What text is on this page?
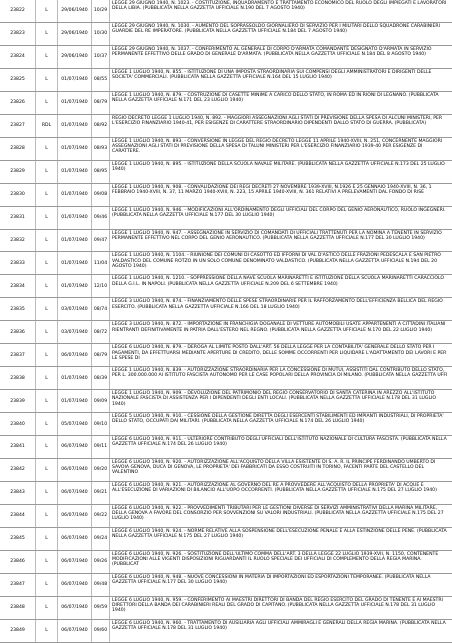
23822	L	29/06/1940	10/29
LEGGE 29 GIUGNO 1940, N. 1023. - COSTITUZIONE, INQUADRAMENTO E TRATTAMENTO ECONOMICO DEL RUOLO DEGLI IMPIEGATI E LAVORATORI DELLA LIBIA. (PUBBLICATA NELLA GAZZETTA UFFICIALE N.190 DEL 7 AGOSTO 1940)
23823	L	29/06/1940	10/30
LEGGE 29 GIUGNO 1940, N. 1030. - AUMENTO DEL SOPRASSOLDO GIORNALIERO DI SERVIZIO PER I MILITARI DELLO SQUADRONE CARABINIERI GUARDIE DEL RE IMPERATORE. (PUBBLICATA NELLA GAZZETTA UFFICIALE N.184 DEL 7 AGOSTO 1940)
23824	L	29/06/1940	10/37
LEGGE 29 GIUGNO 1940, N. 1037. - CONFERIMENTO AL GENERALE DI CORPO D'ARMATA COMANDANTE DESIGNATO D'ARMATA IN SERVIZIO PERMANENTE EFFETTIVO DELLE GRADO DI GENERALE D'ARMATA. (PUBBLICATA NELLA GAZZETTA UFFICIALE N.184 DEL 8 AGOSTO 1940)
23825	L	01/07/1940	08/55
LEGGE 1 LUGLIO 1940, N. 855. - ISTITUZIONE DI UNA IMPOSTA STRAORDINARIA SUI COMPENSI DEGLI AMMINISTRATORI E DIRIGENTI DELLE SOCIETA' COMMERCIALI. (PUBBLICATA NELLA GAZZETTA UFFICIALE N.164 DEL 15 LUGLIO 1940)
23826	L	01/07/1940	08/79
LEGGE 1 LUGLIO 1940, N. 879. - COSTRUZIONE DI CASETTE MINIME A CARICO DELLO STATO, IN ROMA ED IN RIONI DI LEGNANO. (PUBBLICATA NELLA GAZZETTA UFFICIALE N.171 DEL 23 LUGLIO 1940)
23827	RDL	01/07/1940	08/92
REGIO DECRETO LEGGE 1 LUGLIO 1940, N. 892. - MAGGIORI ASSEGNAZIONI AGLI STATI DI PREVISIONE DELLA SPESA DI ALCUNI MINISTERI, PER L'ESERCIZIO FINANZIARIO 1940-41, PER ESIGENZE DI CARATTERE STRAORDINARIO DIPENDENTI DALLO STATO DI GUERRA. (PUBBLICATA)
23828	L	01/07/1940	08/93
LEGGE 1 LUGLIO 1940, N. 893. - CONVERSIONE IN LEGGE DEL REGIO DECRETO LEGGE 11 APRILE 1940-XVIII, N. 251, CONCERNENTE MAGGIORI ASSEGNAZIONI AGLI STATI DI PREVISIONE DELLA SPESA DI TALUNI MINISTERI PER L'ESERCIZIO FINANZIARIO 1939-40 PER ESIGENZE DI CARATTERE.
23829	L	01/07/1940	08/95
LEGGE 1 LUGLIO 1940, N. 895. - ISTITUZIONE DELLA SCUOLA NAVALE MILITARE. (PUBBLICATA NELLA GAZZETTA UFFICIALE N.173 DEL 25 LUGLIO 1940)
23830	L	01/07/1940	09/08
LEGGE 1 LUGLIO 1940, N. 908. - CONVALIDAZIONE DEI REGI DECRETI 27 NOVEMBRE 1939-XVIII, N.1926 E 25 GENNAIO 1940-XVIII, N. 36, 1 FEBBRAIO 1940-XVIII, N. 37, 11 MARZO 1940-XVIII, N. 223, 15 APRILE 1940-XVIII, N. 361 RELATIVI A PRELEVAMENTI DAL FONDO DI RISE
23831	L	01/07/1940	09/46
LEGGE 1 LUGLIO 1940, N. 946. - MODIFICAZIONI ALL'ORDINAMENTO DEGLI UFFICIALI DEL CORPO DEL GENIO AERONAUTICO, RUOLO INGEGNERI. (PUBBLICATA NELLA GAZZETTA UFFICIALE N.177 DEL 30 LUGLIO 1940)
23832	L	01/07/1940	09/47
LEGGE 1 LUGLIO 1940, N. 947. - ASSEGNAZIONE IN SERVIZIO DI COMANDATI DI UFFICIALI TRATTENUTI PER LA NOMINA A TENENTE IN SERVIZIO PERMANENTE EFFETTIVO NEL CORPO DEL GENIO AERONAUTICO. (PUBBLICATA NELLA GAZZETTA UFFICIALE N.177 DEL 30 LUGLIO 1940)
23833	L	01/07/1940	11/04
LEGGE 1 LUGLIO 1940, N. 1104. - RIUNIONE DEI COMUNI DI CASOTTO ED IFFORNI DI VAL D'ASTICO DELLE FRAZIONI PEDESCALA E SAN PIETRO VALDASTICO DEL COMUNE ROTZO IN UN SOLO COMUNE DENOMINATO VALDASTICO. (PUBBLICATA NELLA GAZZETTA UFFICIALE N.194 DEL 20 AGOSTO 1940)
23834	L	01/07/1940	12/10
LEGGE 1 LUGLIO 1940, N. 1210. - SOPPRESSIONE DELLA NAVE SCUOLA MARINARETTI E ISTITUZIONE DELLA SCUOLA MARINARETTI CARACCIOLO DELLA G.I.L. IN NAPOLI. (PUBBLICATA NELLA GAZZETTA UFFICIALE N.209 DEL 6 SETTEMBRE 1940)
23835	L	03/07/1940	08/74
LEGGE 3 LUGLIO 1940, N. 874. - FINANZIAMENTO DELLE SPESE STRAORDINARIE PER IL RAFFORZAMENTO DELL'EFFICIENZA BELLICA DEL REGIO ESERCITO. (PUBBLICATA NELLA GAZZETTA UFFICIALE N.166 DEL 18 LUGLIO 1940)
23836	L	03/07/1940	08/72
LEGGE 3 LUGLIO 1940, N. 872. - IMPORTAZIONE IN FRANCHIGIA DOGANALE DI VETTURE AUTOMOBILI USATE APPARTENENTI A CITTADINI ITALIANI RIENTRANTI DEFINITIVAMENTE IN PATRIA DALL'ESTERO NEL REGNO. (PUBBLICATA NELLA GAZZETTA UFFICIALE N.170 DEL 22 LUGLIO 1940)
23837	L	06/07/1940	08/79
LEGGE 6 LUGLIO 1940, N. 879. - DEROGA AL LIMITE POSTO DALL'ART. 56 DELLA LEGGE PER LA CONTABILITA' GENERALE DELLO STATO PER I PAGAMENTI, DA EFFETTUARSI MEDIANTE APERTURE DI CREDITO, DELLE SOMME OCCORRENTI PER LIQUIDARE L'ADATTAMENTO DEI LAVORI E PER LE SPESE DI
23838	L	01/07/1940	08/39
LEGGE 1 LUGLIO 1940, N. 839. - AUTORIZZAZIONE STRAORDINARIA PER LA CONCESSIONE DI MUTUI, ASSISTITI DAL CONTRIBUTO DELLO STATO, PER L. 300.000.000 AI ISTITUTO FASCISTA AUTONOMO PER LE CASE POPOLARI DELLA PROVINCIA DI MILANO. (PUBBLICATA NELLA GAZZETTA UFFI
23839	L	01/07/1940	09/09
LEGGE 1 LUGLIO 1940, N. 909. - DEVOLUZIONE DEL PATRIMONIO DEL REGIO CONSERVATORIO DI SANTA CATERINA IN AREZZO ALL'ISTITUTO NAZIONALE FASCISTA DI ASSISTENZA PER I DIPENDENTI DEGLI ENTI LOCALI. (PUBBLICATA NELLA GAZZETTA UFFICIALE N.178 DEL 31 LUGLIO 1940)
23840	L	05/07/1940	09/10
LEGGE 5 LUGLIO 1940, N. 910. - CESSIONE DELLA GESTIONE DIRETTA DEGLI ESERCENTI STABILIMENTI ED IMPIANTI INDUSTRIALI, DI PROPRIETA' DELLO STATO, OCCUPATI DAI MILITARI. (PUBBLICATA NELLA GAZZETTA UFFICIALE N.174 DEL 26 LUGLIO 1940)
23841	L	06/07/1940	09/11
LEGGE 6 LUGLIO 1940, N. 911. - ULTERIORE CONTRIBUTO DEGLI UFFICIALI DELL'ISTITUTO NAZIONALE DI CULTURA FASCISTA. (PUBBLICATA NELLA GAZZETTA UFFICIALE N.174 DEL 26 LUGLIO 1940)
23842	L	06/07/1940	09/20
LEGGE 6 LUGLIO 1940, N. 920. - AUTORIZZAZIONE ALL'ACQUISTO DELLA VILLA ESISTENTE DI S. A. R. IL PRINCIPE FERDINANDO UMBERTO DI SAVOIA GENOVA, DUCA DI GENOVA, LE PROPRIETA' DEI FABBRICATI DA ESSO COSTRUITI IN TORINO, FACENTI PARTE DEL CASTELLO DEL VALENTINO
23843	L	06/07/1940	09/21
LEGGE 6 LUGLIO 1940, N. 921. - AUTORIZZAZIONE AL GOVERNO DEL RE A PROVVEDERE ALL'ACQUISTO DELLA PROPRIETA' DI ACQUE E ALL'ESECUZIONE DI VARIAZIONI DI BILANCIO ALL'UOPO OCCORRENTI. (PUBBLICATA NELLA GAZZETTA UFFICIALE N.175 DEL 27 LUGLIO 1940)
23844	L	06/07/1940	09/22
LEGGE 6 LUGLIO 1940, N. 922. - PROVVEDIMENTI TRIBUTARI PER LE GESTIONI DIVERSE DI SERVIZI AMMINISTRATIVI DELLA MARINA MILITARE, DELLA GENOVA A FAVORE DEL CONSORZIO PER SOVVENZIONI SU VALORI INDUSTRIALI. (PUBBLICATA NELLA GAZZETTA UFFICIALE N.175 DEL 27 LUGLIO 1940)
23845	L	06/07/1940	09/24
LEGGE 6 LUGLIO 1940, N. 924. - NORME RELATIVE ALLA SOSPENSIONE DELL'ESECUZIONE PENALE E ALLA ESTINZIONE DELLE PENE. (PUBBLICATA NELLA GAZZETTA UFFICIALE N.175 DEL 27 LUGLIO 1940)
23846	L	06/07/1940	09/26
LEGGE 6 LUGLIO 1940, N. 926. - SOSTITUZIONE DELL'ULTIMO COMMA DELL'ART. 3 DELLA LEGGE 22 LUGLIO 1939-XVII, N. 1150, CONTENENTE MODIFICAZIONI ALLE VIGENTI DISPOSIZIONI RIGUARDANTI IL RUOLO SPECIALE DEI UFFICIALI DI COMPLEMENTO DELLA REGIA MARINA. (PUBBLICAT
23847	L	06/07/1940	09/48
LEGGE 6 LUGLIO 1940, N. 948. - NUOVE CONCESSIONI IN MATERIA DI IMPORTAZIONI ED ESPORTAZIONI TEMPORANEE. (PUBBLICATA NELLA GAZZETTA UFFICIALE N.177 DEL 30 LUGLIO 1940)
23848	L	06/07/1940	09/59
LEGGE 6 LUGLIO 1940, N. 959. - CONFERIMENTO AI MAESTRI DIRETTORI DI BANDA DEL REGIO ESERCITO DEL GRADO DI TENENTE E AI MAESTRI DIRETTORI DELLA BANDA DEI CARABINIERI REALI DEL GRADO DI CAPITANO. (PUBBLICATA NELLA GAZZETTA UFFICIALE N.178 DEL 31 LUGLIO 1940)
23849	L	06/07/1940	09/60
LEGGE 6 LUGLIO 1940, N. 960. - TRATTAMENTO DI AUSILIARIA AGLI UFFICIALI AMMIRAGLI E GENERALI DELLA REGIA MARINA. (PUBBLICATA NELLA GAZZETTA UFFICIALE N.178 DEL 31 LUGLIO 1940)
